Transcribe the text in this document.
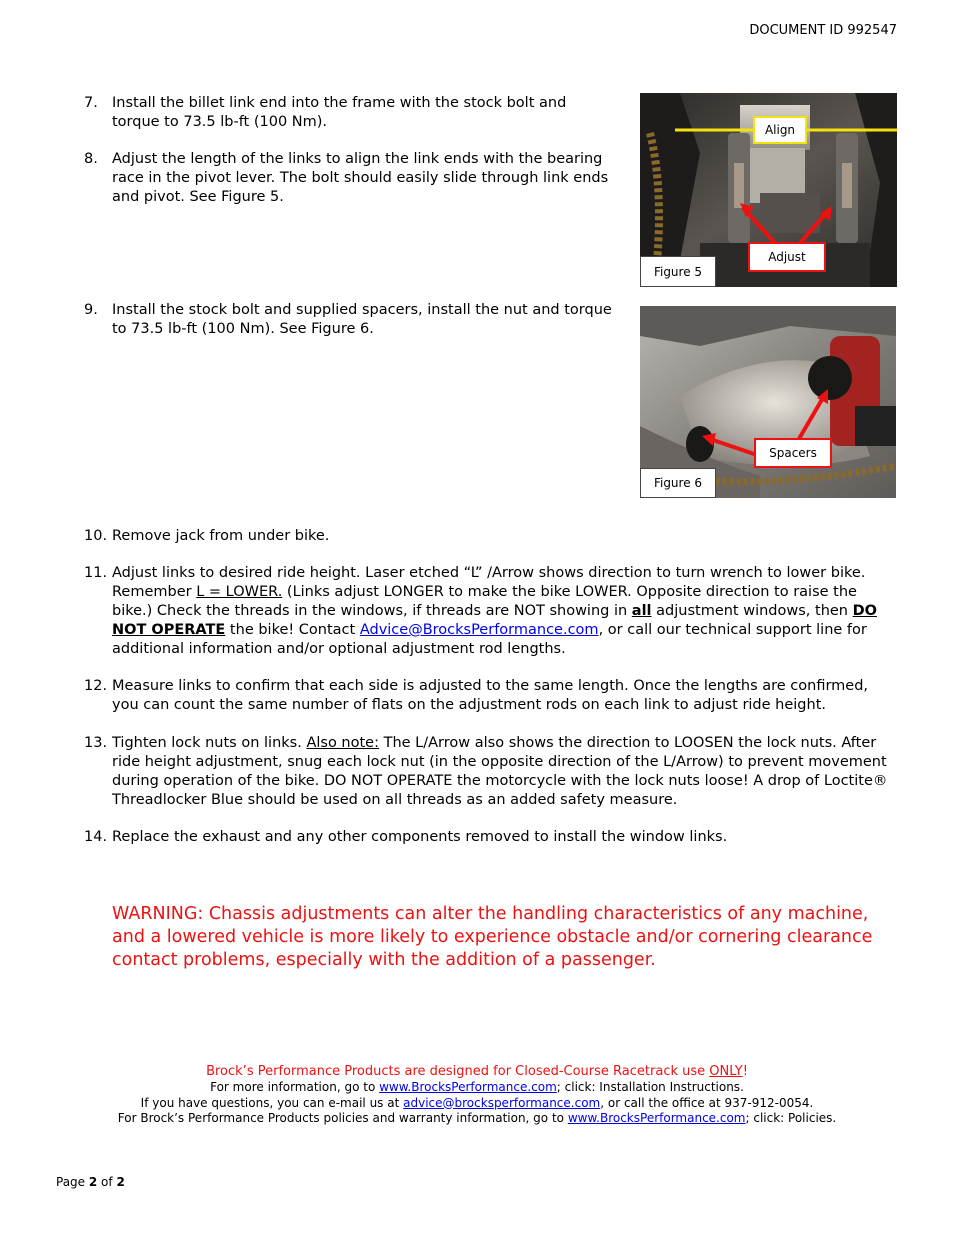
DOCUMENT ID 992547
7. Install the billet link end into the frame with the stock bolt and torque to 73.5 lb-ft (100 Nm).
8. Adjust the length of the links to align the link ends with the bearing race in the pivot lever. The bolt should easily slide through link ends and pivot. See Figure 5.
Align
Adjust
Figure 5
9. Install the stock bolt and supplied spacers, install the nut and torque to 73.5 lb-ft (100 Nm). See Figure 6.
Spacers
Figure 6
10. Remove jack from under bike.
11. Adjust links to desired ride height. Laser etched “L” /Arrow shows direction to turn wrench to lower bike. Remember L = LOWER. (Links adjust LONGER to make the bike LOWER. Opposite direction to raise the bike.) Check the threads in the windows, if threads are NOT showing in all adjustment windows, then DO NOT OPERATE the bike! Contact Advice@BrocksPerformance.com, or call our technical support line for additional information and/or optional adjustment rod lengths.
12. Measure links to confirm that each side is adjusted to the same length. Once the lengths are confirmed, you can count the same number of flats on the adjustment rods on each link to adjust ride height.
13. Tighten lock nuts on links. Also note: The L/Arrow also shows the direction to LOOSEN the lock nuts. After ride height adjustment, snug each lock nut (in the opposite direction of the L/Arrow) to prevent movement during operation of the bike. DO NOT OPERATE the motorcycle with the lock nuts loose! A drop of Loctite® Threadlocker Blue should be used on all threads as an added safety measure.
14. Replace the exhaust and any other components removed to install the window links.
WARNING: Chassis adjustments can alter the handling characteristics of any machine, and a lowered vehicle is more likely to experience obstacle and/or cornering clearance contact problems, especially with the addition of a passenger.
Brock’s Performance Products are designed for Closed-Course Racetrack use ONLY!
For more information, go to www.BrocksPerformance.com; click: Installation Instructions.
If you have questions, you can e-mail us at advice@brocksperformance.com, or call the office at 937-912-0054.
For Brock’s Performance Products policies and warranty information, go to www.BrocksPerformance.com; click: Policies.
Page 2 of 2
